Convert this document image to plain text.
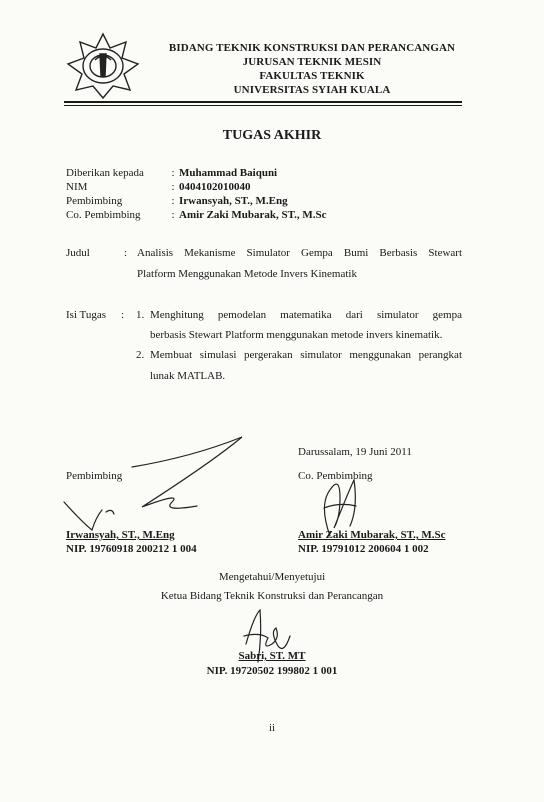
BIDANG TEKNIK KONSTRUKSI DAN PERANCANGAN
JURUSAN TEKNIK MESIN
FAKULTAS TEKNIK
UNIVERSITAS SYIAH KUALA
TUGAS AKHIR
Diberikan kepada	: Muhammad Baiquni
NIM	: 0404102010040
Pembimbing	: Irwansyah, ST., M.Eng
Co. Pembimbing	: Amir Zaki Mubarak, ST., M.Sc
Judul	: Analisis Mekanisme Simulator Gempa Bumi Berbasis Stewart
Platform Menggunakan Metode Invers Kinematik
Isi Tugas : 1. Menghitung pemodelan matematika dari simulator gempa
berbasis Stewart Platform menggunakan metode invers kinematik.
2. Membuat simulasi pergerakan simulator menggunakan perangkat
lunak MATLAB.
Darussalam, 19 Juni 2011
Pembimbing
Irwansyah, ST., M.Eng
NIP. 19760918 200212 1 004
Co. Pembimbing
Amir Zaki Mubarak, ST., M.Sc
NIP. 19791012 200604 1 002
Mengetahui/Menyetujui
Ketua Bidang Teknik Konstruksi dan Perancangan
Sabri, ST. MT
NIP. 19720502 199802 1 001
ii
